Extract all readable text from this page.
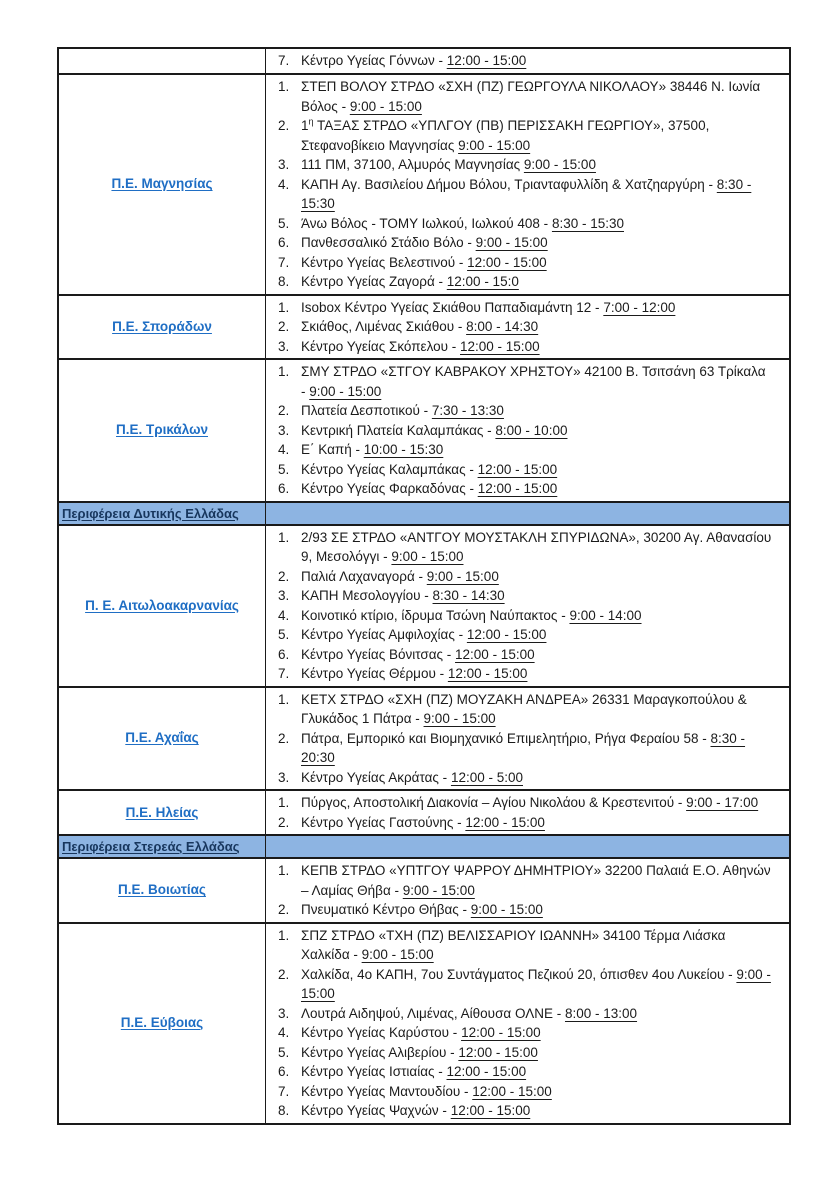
7. Κέντρο Υγείας Γόννων - 12:00 - 15:00
Π.Ε. Μαγνησίας
1. ΣΤΕΠ ΒΟΛΟΥ ΣΤΡΔΟ «ΣΧΗ (ΠΖ) ΓΕΩΡΓΟΥΛΑ ΝΙΚΟΛΑΟΥ» 38446 Ν. Ιωνία Βόλος - 9:00 - 15:00
2. $1^\eta$ ΤΑΞΑΣ ΣΤΡΔΟ «ΥΠΛΓΟΥ (ΠΒ) ΠΕΡΙΣΣΑΚΗ ΓΕΩΡΓΙΟΥ», 37500, Στεφανοβίκειο Μαγνησίας 9:00 - 15:00
3. 111 ΠΜ, 37100, Αλμυρός Μαγνησίας 9:00 - 15:00
4. ΚΑΠΗ Αγ. Βασιλείου Δήμου Βόλου, Τριανταφυλλίδη & Χατζηαργύρη - 8:30 - 15:30
5. Άνω Βόλος - ΤΟΜΥ Ιωλκού, Ιωλκού 408 - 8:30 - 15:30
6. Πανθεσσαλικό Στάδιο Βόλο - 9:00 - 15:00
7. Κέντρο Υγείας Βελεστινού - 12:00 - 15:00
8. Κέντρο Υγείας Ζαγορά - 12:00 - 15:0
Π.Ε. Σποράδων
1. Isobox Κέντρο Υγείας Σκιάθου Παπαδιαμάντη 12 - 7:00 - 12:00
2. Σκιάθος, Λιμένας Σκιάθου - 8:00 - 14:30
3. Κέντρο Υγείας Σκόπελου - 12:00 - 15:00
Π.Ε. Τρικάλων
1. ΣΜΥ ΣΤΡΔΟ «ΣΤΓΟΥ ΚΑΒΡΑΚΟΥ ΧΡΗΣΤΟΥ» 42100 Β. Τσιτσάνη 63 Τρίκαλα - 9:00 - 15:00
2. Πλατεία Δεσποτικού - 7:30 - 13:30
3. Κεντρική Πλατεία Καλαμπάκας - 8:00 - 10:00
4. Ε΄ Καπή - 10:00 - 15:30
5. Κέντρο Υγείας Καλαμπάκας - 12:00 - 15:00
6. Κέντρο Υγείας Φαρκαδόνας - 12:00 - 15:00
Περιφέρεια Δυτικής Ελλάδας
Π. Ε. Αιτωλοακαρνανίας
1. 2/93 ΣΕ ΣΤΡΔΟ «ΑΝΤΓΟΥ ΜΟΥΣΤΑΚΛΗ ΣΠΥΡΙΔΩΝΑ», 30200 Αγ. Αθανασίου 9, Μεσολόγγι - 9:00 - 15:00
2. Παλιά Λαχαναγορά - 9:00 - 15:00
3. ΚΑΠΗ Μεσολογγίου - 8:30 - 14:30
4. Κοινοτικό κτίριο, ίδρυμα Τσώνη Ναύπακτος - 9:00 - 14:00
5. Κέντρο Υγείας Αμφιλοχίας - 12:00 - 15:00
6. Κέντρο Υγείας Βόνιτσας - 12:00 - 15:00
7. Κέντρο Υγείας Θέρμου - 12:00 - 15:00
Π.Ε. Αχαΐας
1. ΚΕΤΧ ΣΤΡΔΟ «ΣΧΗ (ΠΖ) ΜΟΥΖΑΚΗ ΑΝΔΡΕΑ» 26331 Μαραγκοπούλου & Γλυκάδος 1 Πάτρα - 9:00 - 15:00
2. Πάτρα, Εμπορικό και Βιομηχανικό Επιμελητήριο, Ρήγα Φεραίου 58 - 8:30 - 20:30
3. Κέντρο Υγείας Ακράτας - 12:00 - 5:00
Π.Ε. Ηλείας
1. Πύργος, Αποστολική Διακονία – Αγίου Νικολάου & Κρεστενιτού - 9:00 - 17:00
2. Κέντρο Υγείας Γαστούνης - 12:00 - 15:00
Περιφέρεια Στερεάς Ελλάδας
Π.Ε. Βοιωτίας
1. ΚΕΠΒ ΣΤΡΔΟ «ΥΠΤΓΟΥ ΨΑΡΡΟΥ ΔΗΜΗΤΡΙΟΥ» 32200 Παλαιά Ε.Ο. Αθηνών – Λαμίας Θήβα - 9:00 - 15:00
2. Πνευματικό Κέντρο Θήβας - 9:00 - 15:00
Π.Ε. Εύβοιας
1. ΣΠΖ ΣΤΡΔΟ «ΤΧΗ (ΠΖ) ΒΕΛΙΣΣΑΡΙΟΥ ΙΩΑΝΝΗ» 34100 Τέρμα Λιάσκα Χαλκίδα - 9:00 - 15:00
2. Χαλκίδα, 4ο ΚΑΠΗ, 7ου Συντάγματος Πεζικού 20, όπισθεν 4ου Λυκείου - 9:00 - 15:00
3. Λουτρά Αιδηψού, Λιμένας, Αίθουσα ΟΛΝΕ - 8:00 - 13:00
4. Κέντρο Υγείας Καρύστου - 12:00 - 15:00
5. Κέντρο Υγείας Αλιβερίου - 12:00 - 15:00
6. Κέντρο Υγείας Ιστιαίας - 12:00 - 15:00
7. Κέντρο Υγείας Μαντουδίου - 12:00 - 15:00
8. Κέντρο Υγείας Ψαχνών - 12:00 - 15:00
